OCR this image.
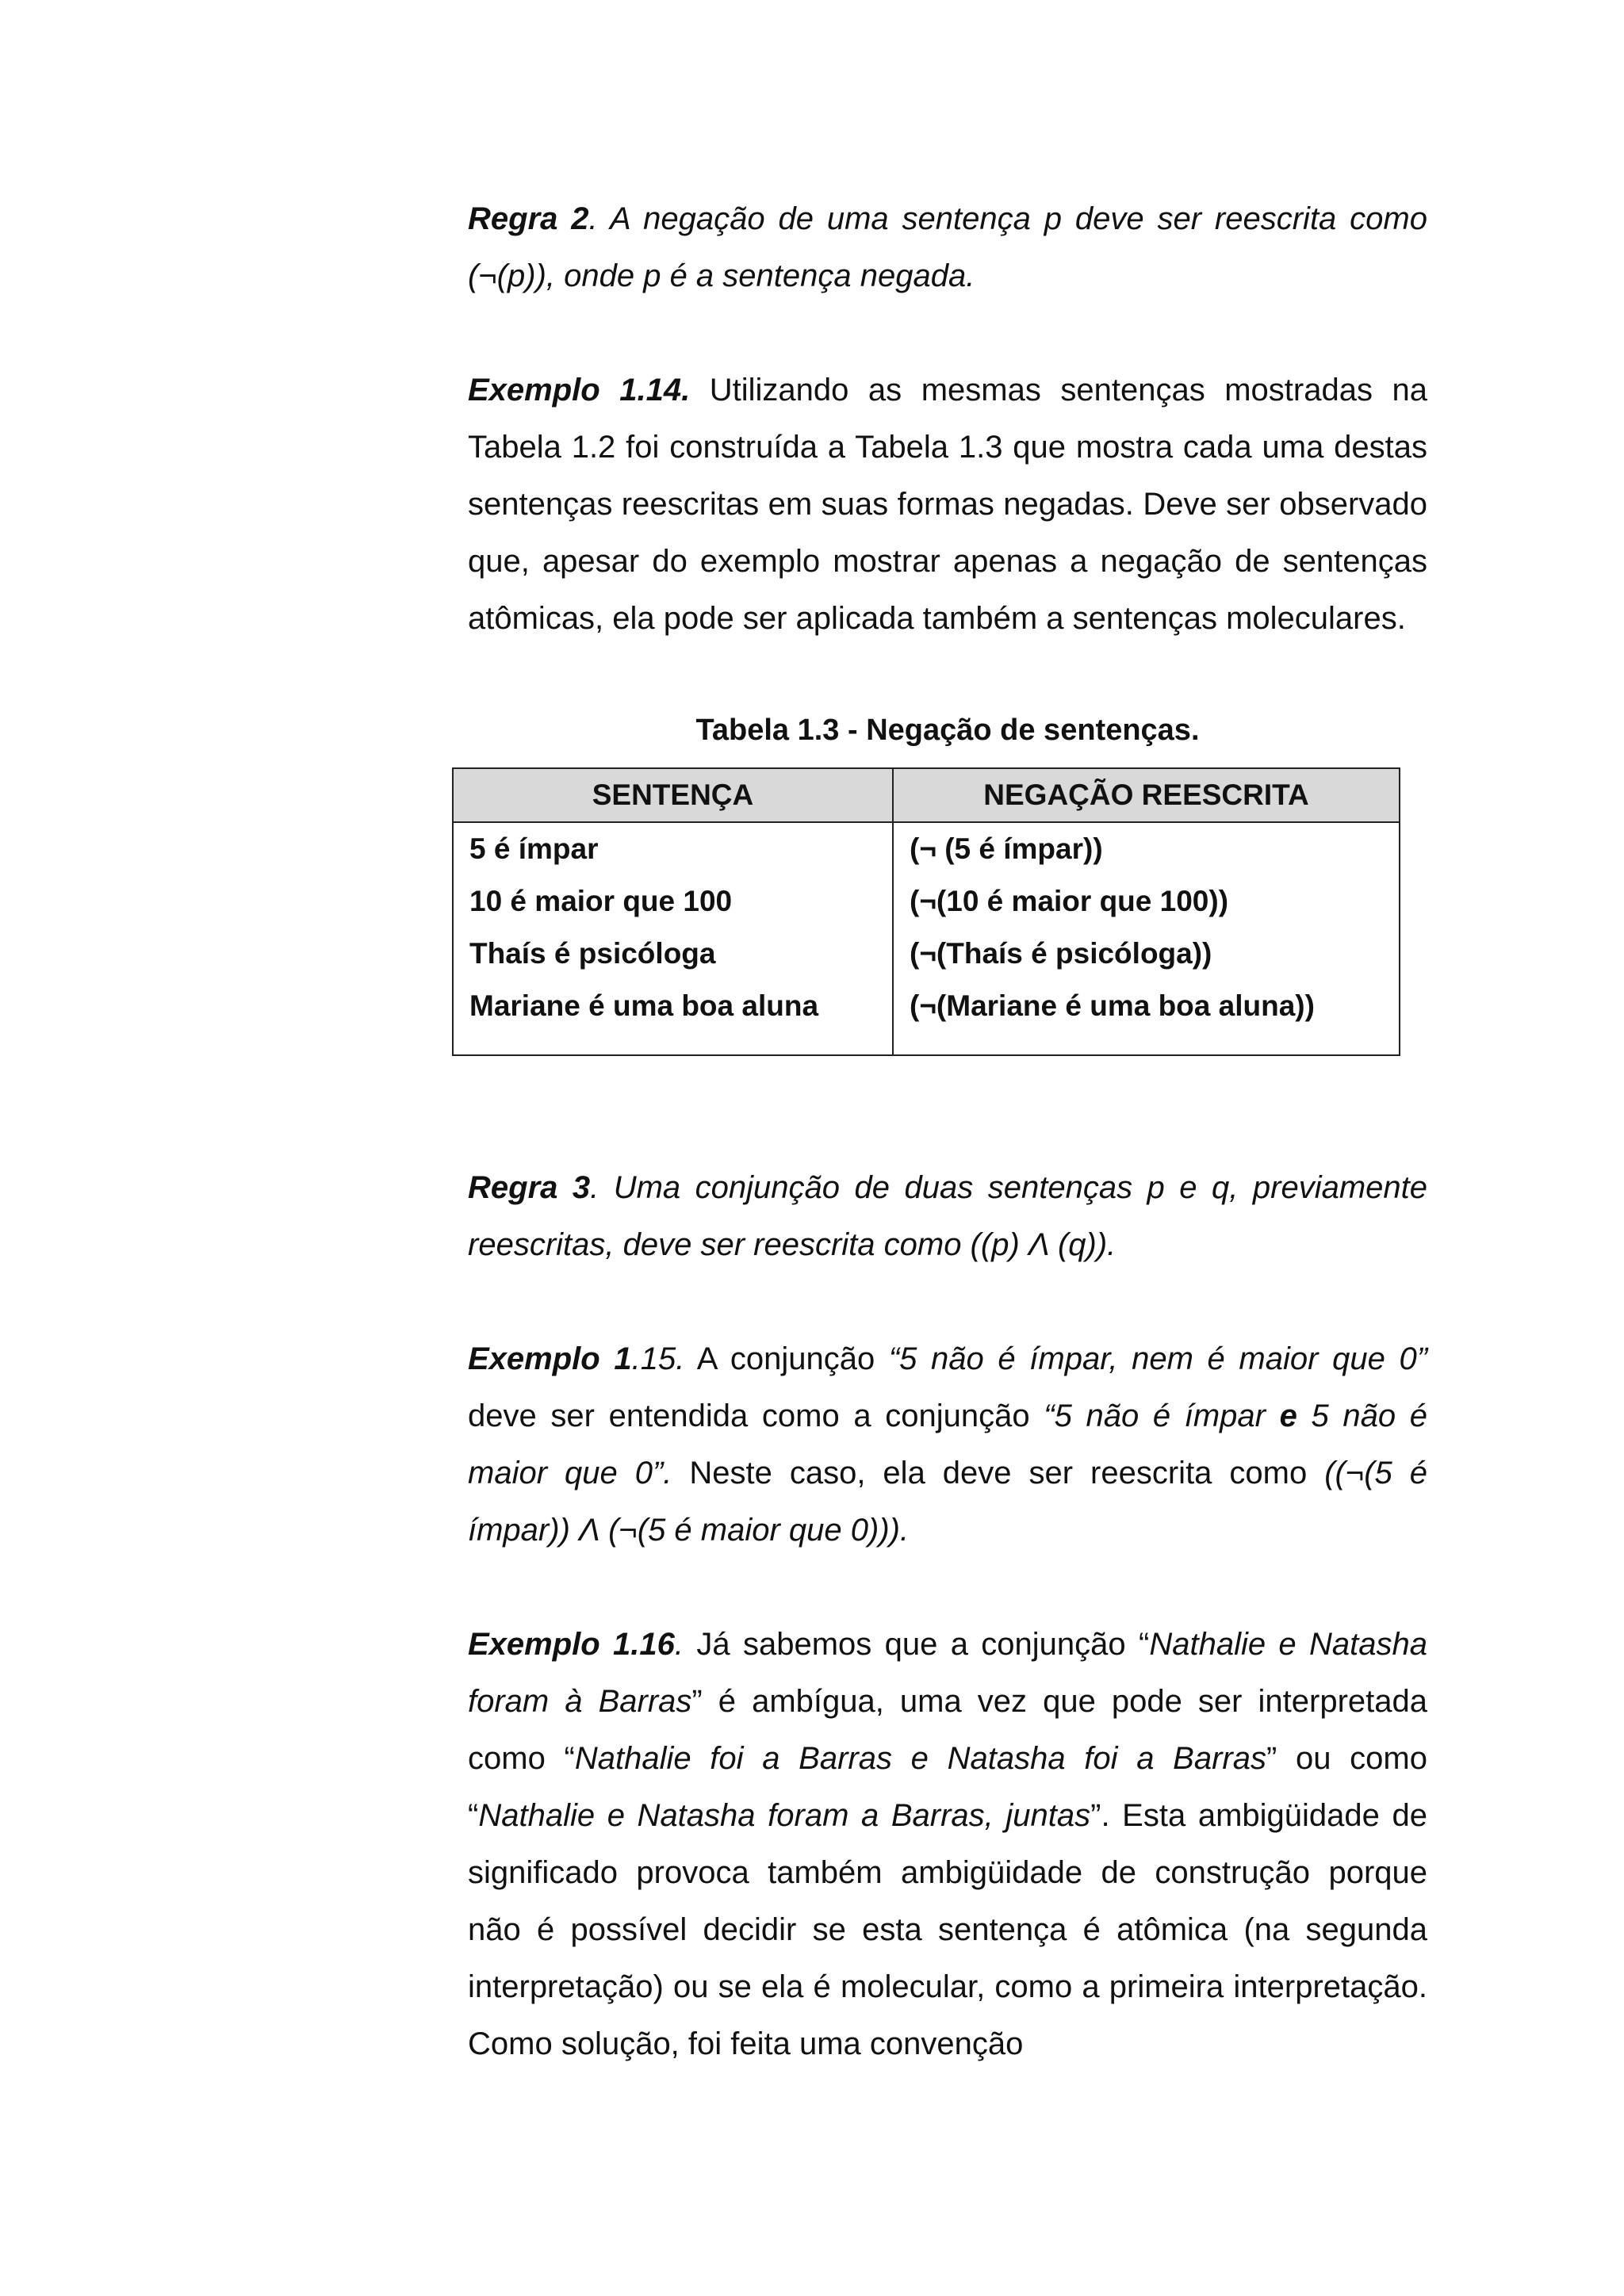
Regra 2. A negação de uma sentença p deve ser reescrita como (¬(p)), onde p é a sentença negada.

Exemplo 1.14. Utilizando as mesmas sentenças mostradas na Tabela 1.2 foi construída a Tabela 1.3 que mostra cada uma destas sentenças reescritas em suas formas negadas. Deve ser observado que, apesar do exemplo mostrar apenas a negação de sentenças atômicas, ela pode ser aplicada também a sentenças moleculares.

Tabela 1.3 - Negação de sentenças.

SENTENÇA	NEGAÇÃO REESCRITA
5 é ímpar	(¬ (5 é ímpar))
10 é maior que 100	(¬(10 é maior que 100))
Thaís é psicóloga	(¬(Thaís é psicóloga))
Mariane é uma boa aluna	(¬(Mariane é uma boa aluna))

Regra 3. Uma conjunção de duas sentenças p e q, previamente reescritas, deve ser reescrita como ((p) Λ (q)).

Exemplo 1.15. A conjunção “5 não é ímpar, nem é maior que 0” deve ser entendida como a conjunção “5 não é ímpar e 5 não é maior que 0”. Neste caso, ela deve ser reescrita como ((¬(5 é ímpar)) Λ (¬(5 é maior que 0))).

Exemplo 1.16. Já sabemos que a conjunção “Nathalie e Natasha foram à Barras” é ambígua, uma vez que pode ser interpretada como “Nathalie foi a Barras e Natasha foi a Barras” ou como “Nathalie e Natasha foram a Barras, juntas”. Esta ambigüidade de significado provoca também ambigüidade de construção porque não é possível decidir se esta sentença é atômica (na segunda interpretação) ou se ela é molecular, como a primeira interpretação. Como solução, foi feita uma convenção
